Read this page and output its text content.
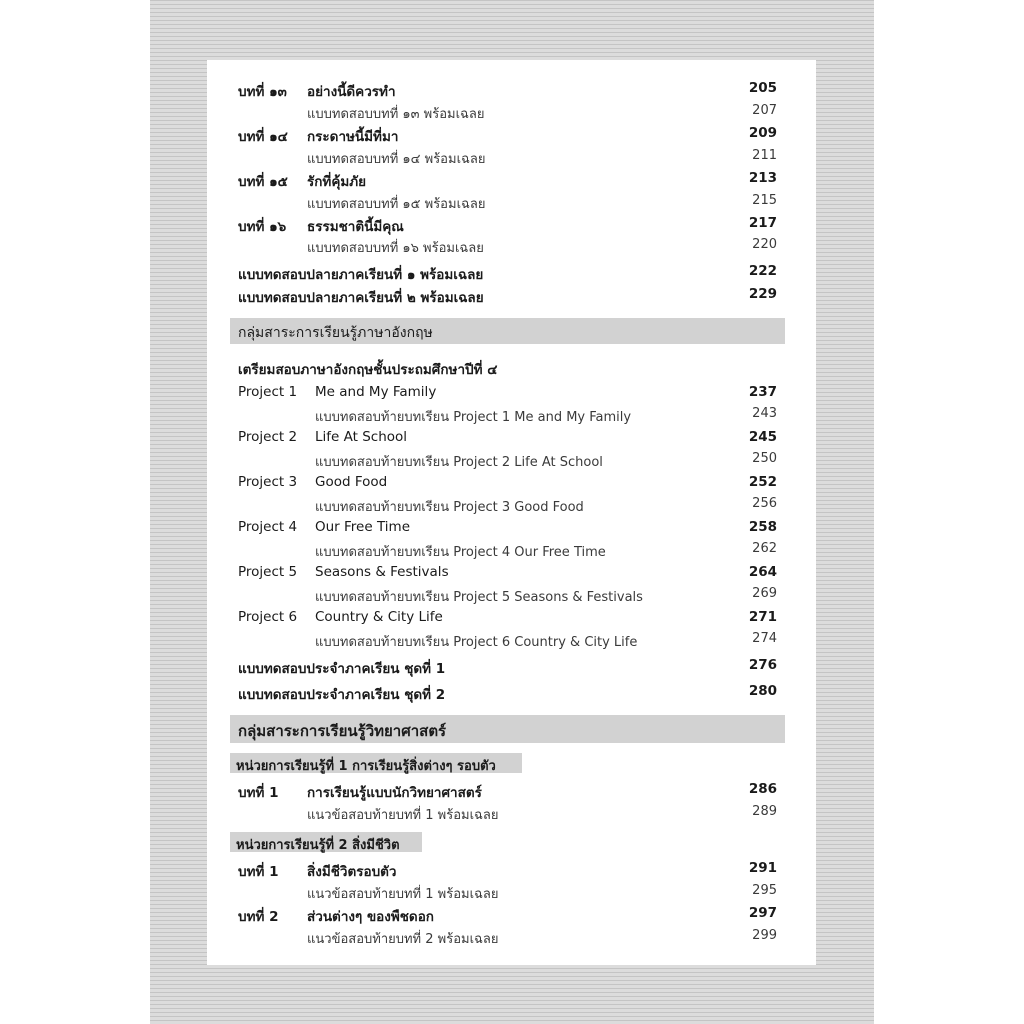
บทที่ ๑๓ อย่างนี้ดีควรทำ	205
แบบทดสอบบทที่ ๑๓ พร้อมเฉลย	207
บทที่ ๑๔ กระดาษนี้มีที่มา	209
แบบทดสอบบทที่ ๑๔ พร้อมเฉลย	211
บทที่ ๑๕ รักที่คุ้มภัย	213
แบบทดสอบบทที่ ๑๕ พร้อมเฉลย	215
บทที่ ๑๖ ธรรมชาตินี้มีคุณ	217
แบบทดสอบบทที่ ๑๖ พร้อมเฉลย	220
แบบทดสอบปลายภาคเรียนที่ ๑ พร้อมเฉลย	222
แบบทดสอบปลายภาคเรียนที่ ๒ พร้อมเฉลย	229
กลุ่มสาระการเรียนรู้ภาษาอังกฤษ
เตรียมสอบภาษาอังกฤษชั้นประถมศึกษาปีที่ ๔
Project 1 Me and My Family	237
แบบทดสอบท้ายบทเรียน Project 1 Me and My Family	243
Project 2 Life At School	245
แบบทดสอบท้ายบทเรียน Project 2 Life At School	250
Project 3 Good Food	252
แบบทดสอบท้ายบทเรียน Project 3 Good Food	256
Project 4 Our Free Time	258
แบบทดสอบท้ายบทเรียน Project 4 Our Free Time	262
Project 5 Seasons & Festivals	264
แบบทดสอบท้ายบทเรียน Project 5 Seasons & Festivals	269
Project 6 Country & City Life	271
แบบทดสอบท้ายบทเรียน Project 6 Country & City Life	274
แบบทดสอบประจำภาคเรียน ชุดที่ 1	276
แบบทดสอบประจำภาคเรียน ชุดที่ 2	280
กลุ่มสาระการเรียนรู้วิทยาศาสตร์
หน่วยการเรียนรู้ที่ 1 การเรียนรู้สิ่งต่างๆ รอบตัว
บทที่ 1 การเรียนรู้แบบนักวิทยาศาสตร์	286
แนวข้อสอบท้ายบทที่ 1 พร้อมเฉลย	289
หน่วยการเรียนรู้ที่ 2 สิ่งมีชีวิต
บทที่ 1 สิ่งมีชีวิตรอบตัว	291
แนวข้อสอบท้ายบทที่ 1 พร้อมเฉลย	295
บทที่ 2 ส่วนต่างๆ ของพืชดอก	297
แนวข้อสอบท้ายบทที่ 2 พร้อมเฉลย	299
